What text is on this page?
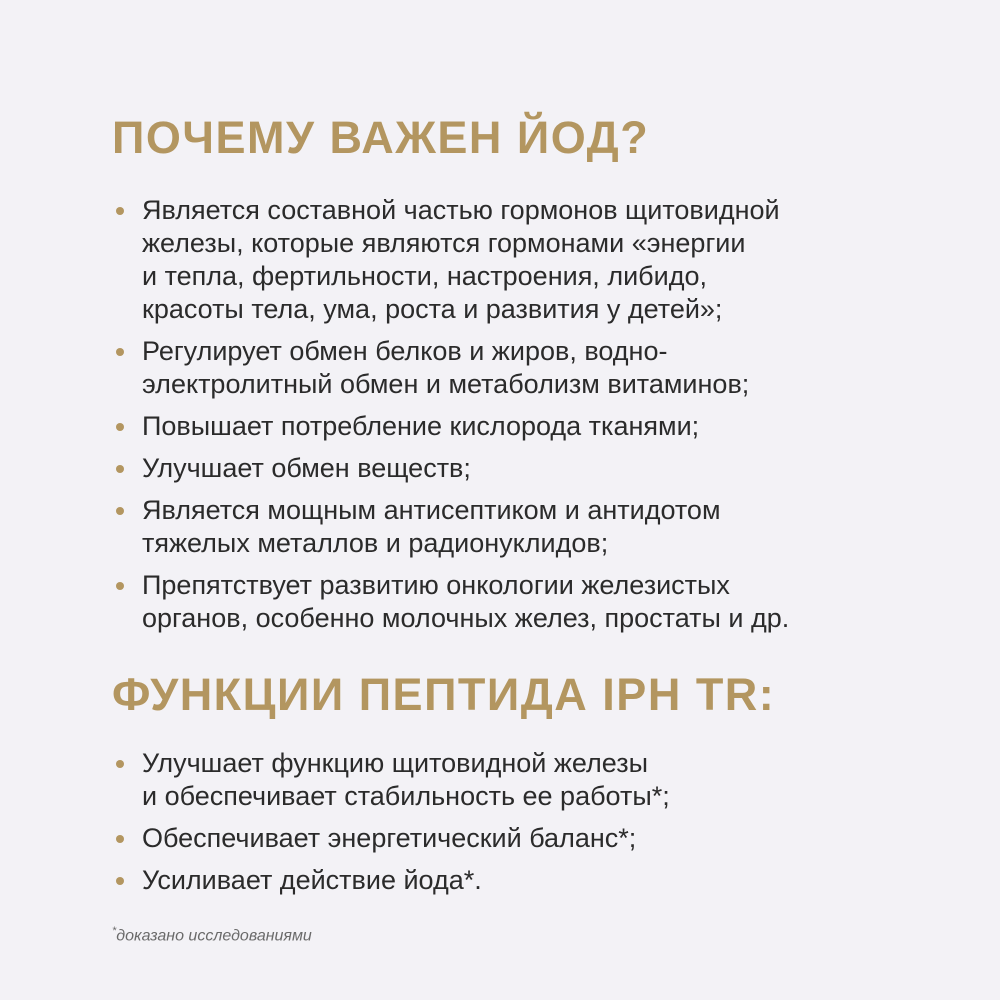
ПОЧЕМУ ВАЖЕН ЙОД?
Является составной частью гормонов щитовидной
железы, которые являются гормонами «энергии
и тепла, фертильности, настроения, либидо,
красоты тела, ума, роста и развития у детей»;
Регулирует обмен белков и жиров, водно-
электролитный обмен и метаболизм витаминов;
Повышает потребление кислорода тканями;
Улучшает обмен веществ;
Является мощным антисептиком и антидотом
тяжелых металлов и радионуклидов;
Препятствует развитию онкологии железистых
органов, особенно молочных желез, простаты и др.
ФУНКЦИИ ПЕПТИДА IPH TR:
Улучшает функцию щитовидной железы
и обеспечивает стабильность ее работы*;
Обеспечивает энергетический баланс*;
Усиливает действие йода*.
*доказано исследованиями
